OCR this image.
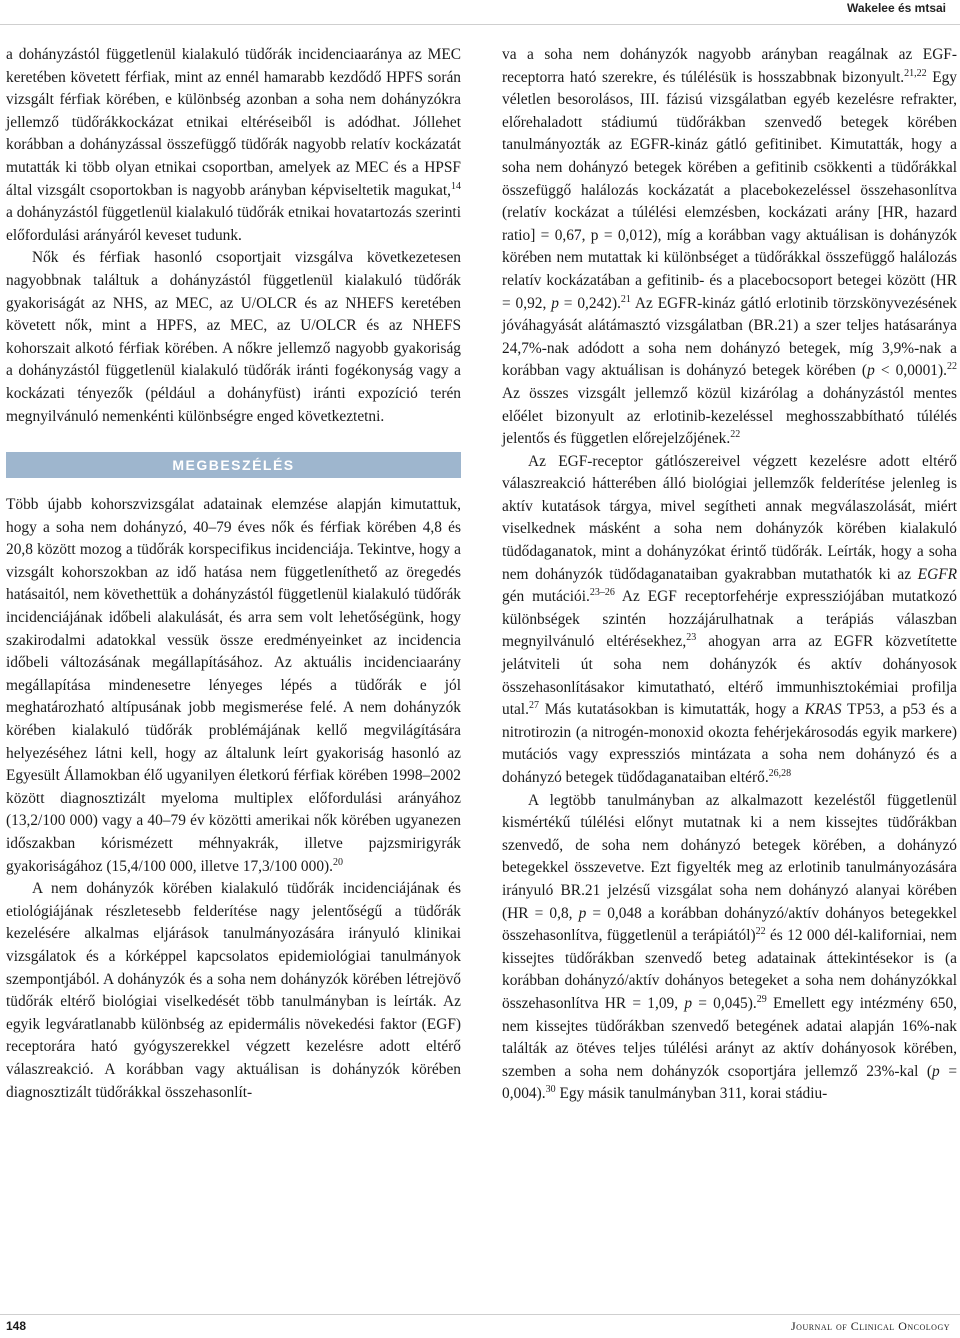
Wakelee és mtsai

a dohányzástól függetlenül kialakuló tüdőrák incidenciaaránya az MEC keretében követett férfiak, mint az ennél hamarabb kezdődő HPFS során vizsgált férfiak körében, e különbség azonban a soha nem dohányzókra jellemző tüdőrákkockázat etnikai eltéréseiből is adódhat. Jóllehet korábban a dohányzással összefüggő tüdőrák nagyobb relatív kockázatát mutatták ki több olyan etnikai csoportban, amelyek az MEC és a HPSF által vizsgált csoportokban is nagyobb arányban képviseltetik magukat,$^{14}$ a dohányzástól függetlenül kialakuló tüdőrák etnikai hovatartozás szerinti előfordulási arányáról keveset tudunk.

Nők és férfiak hasonló csoportjait vizsgálva következetesen nagyobbnak találtuk a dohányzástól függetlenül kialakuló tüdőrák gyakoriságát az NHS, az MEC, az U/OLCR és az NHEFS keretében követett nők, mint a HPFS, az MEC, az U/OLCR és az NHEFS kohorszait alkotó férfiak körében. A nőkre jellemző nagyobb gyakoriság a dohányzástól függetlenül kialakuló tüdőrák iránti fogékonyság vagy a kockázati tényezők (például a dohányfüst) iránti expozíció terén megnyilvánuló nemenkénti különbségre enged következtetni.

MEGBESZÉLÉS

Több újabb kohorszvizsgálat adatainak elemzése alapján kimutattuk, hogy a soha nem dohányzó, 40–79 éves nők és férfiak körében 4,8 és 20,8 között mozog a tüdőrák korspecifikus incidenciája. Tekintve, hogy a vizsgált kohorszokban az idő hatása nem függetleníthető az öregedés hatásaitól, nem követhettük a dohányzástól függetlenül kialakuló tüdőrák incidenciájának időbeli alakulását, és arra sem volt lehetőségünk, hogy szakirodalmi adatokkal vessük össze eredményeinket az incidencia időbeli változásának megállapításához. Az aktuális incidenciaarány megállapítása mindenesetre lényeges lépés a tüdőrák e jól meghatározható altípusának jobb megismerése felé. A nem dohányzók körében kialakuló tüdőrák problémájának kellő megvilágítására helyezéséhez látni kell, hogy az általunk leírt gyakoriság hasonló az Egyesült Államokban élő ugyanilyen életkorú férfiak körében 1998–2002 között diagnosztizált myeloma multiplex előfordulási arányához (13,2/100 000) vagy a 40–79 év közötti amerikai nők körében ugyanezen időszakban kórismézett méhnyakrák, illetve pajzsmirigyrák gyakoriságához (15,4/100 000, illetve 17,3/100 000).$^{20}$

A nem dohányzók körében kialakuló tüdőrák incidenciájának és etiológiájának részletesebb felderítése nagy jelentőségű a tüdőrák kezelésére alkalmas eljárások tanulmányozására irányuló klinikai vizsgálatok és a kórképpel kapcsolatos epidemiológiai tanulmányok szempontjából. A dohányzók és a soha nem dohányzók körében létrejövő tüdőrák eltérő biológiai viselkedését több tanulmányban is leírták. Az egyik legváratlanabb különbség az epidermális növekedési faktor (EGF) receptorára ható gyógyszerekkel végzett kezelésre adott eltérő válaszreakció. A korábban vagy aktuálisan is dohányzók körében diagnosztizált tüdőrákkal összehasonlít-

va a soha nem dohányzók nagyobb arányban reagálnak az EGF-receptorra ható szerekre, és túlélésük is hosszabbnak bizonyult.$^{21,22}$ Egy véletlen besorolásos, III. fázisú vizsgálatban egyéb kezelésre refrakter, előrehaladott stádiumú tüdőrákban szenvedő betegek körében tanulmányozták az EGFR-kináz gátló gefitinibet. Kimutatták, hogy a soha nem dohányzó betegek körében a gefitinib csökkenti a tüdőrákkal összefüggő halálozás kockázatát a placebokezeléssel összehasonlítva (relatív kockázat a túlélési elemzésben, kockázati arány [HR, hazard ratio] = 0,67, p = 0,012), míg a korábban vagy aktuálisan is dohányzók körében nem mutattak ki különbséget a tüdőrákkal összefüggő halálozás relatív kockázatában a gefitinib- és a placebocsoport betegei között (HR = 0,92, p = 0,242).$^{21}$ Az EGFR-kináz gátló erlotinib törzskönyvezésének jóváhagyását alátámasztó vizsgálatban (BR.21) a szer teljes hatásaránya 24,7%-nak adódott a soha nem dohányzó betegek, míg 3,9%-nak a korábban vagy aktuálisan is dohányzó betegek körében (p < 0,0001).$^{22}$ Az összes vizsgált jellemző közül kizárólag a dohányzástól mentes előélet bizonyult az erlotinib-kezeléssel meghosszabbítható túlélés jelentős és független előrejelzőjének.$^{22}$

Az EGF-receptor gátlószereivel végzett kezelésre adott eltérő válaszreakció hátterében álló biológiai jellemzők felderítése jelenleg is aktív kutatások tárgya, mivel segítheti annak megválaszolását, miért viselkednek másként a soha nem dohányzók körében kialakuló tüdődaganatok, mint a dohányzókat érintő tüdőrák. Leírták, hogy a soha nem dohányzók tüdődaganataiban gyakrabban mutathatók ki az EGFR gén mutációi.$^{23-26}$ Az EGF receptorfehérje expressziójában mutatkozó különbségek szintén hozzájárulhatnak a terápiás válaszban megnyilvánuló eltérésekhez,$^{23}$ ahogyan arra az EGFR közvetítette jelátviteli út soha nem dohányzók és aktív dohányosok összehasonlításakor kimutatható, eltérő immunhisztokémiai profilja utal.$^{27}$ Más kutatásokban is kimutatták, hogy a KRAS TP53, a p53 és a nitrotirozin (a nitrogén-monoxid okozta fehérjekárosodás egyik markere) mutációs vagy expressziós mintázata a soha nem dohányzó és a dohányzó betegek tüdődaganataiban eltérő.$^{26,28}$

A legtöbb tanulmányban az alkalmazott kezeléstől függetlenül kismértékű túlélési előnyt mutatnak ki a nem kissejtes tüdőrákban szenvedő, de soha nem dohányzó betegek körében, a dohányzó betegekkel összevetve. Ezt figyelték meg az erlotinib tanulmányozására irányuló BR.21 jelzésű vizsgálat soha nem dohányzó alanyai körében (HR = 0,8, p = 0,048 a korábban dohányzó/aktív dohányos betegekkel összehasonlítva, függetlenül a terápiától)$^{22}$ és 12 000 dél-kaliforniai, nem kissejtes tüdőrákban szenvedő beteg adatainak áttekintésekor is (a korábban dohányzó/aktív dohányos betegeket a soha nem dohányzókkal összehasonlítva HR = 1,09, p = 0,045).$^{29}$ Emellett egy intézmény 650, nem kissejtes tüdőrákban szenvedő betegének adatai alapján 16%-nak találták az ötéves teljes túlélési arányt az aktív dohányosok körében, szemben a soha nem dohányzók csoportjára jellemző 23%-kal (p = 0,004).$^{30}$ Egy másik tanulmányban 311, korai stádiu-

148	Journal of Clinical Oncology
